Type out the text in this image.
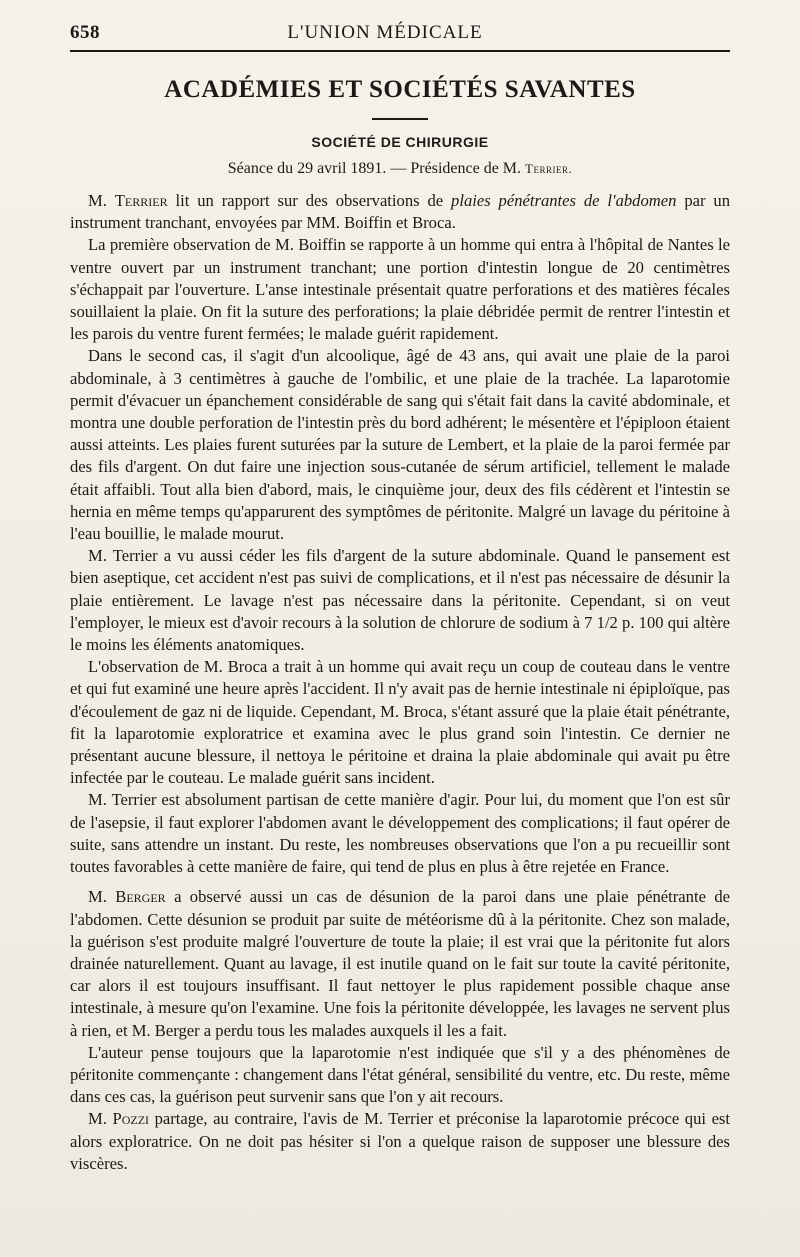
658	L'UNION MÉDICALE
ACADÉMIES ET SOCIÉTÉS SAVANTES
SOCIÉTÉ DE CHIRURGIE
Séance du 29 avril 1891. — Présidence de M. Terrier.

M. Terrier lit un rapport sur des observations de plaies pénétrantes de l'abdomen par un instrument tranchant, envoyées par MM. Boiffin et Broca.

La première observation de M. Boiffin se rapporte à un homme qui entra à l'hôpital de Nantes le ventre ouvert par un instrument tranchant; une portion d'intestin longue de 20 centimètres s'échappait par l'ouverture. L'anse intestinale présentait quatre perforations et des matières fécales souillaient la plaie. On fit la suture des perforations; la plaie débridée permit de rentrer l'intestin et les parois du ventre furent fermées; le malade guérit rapidement.

Dans le second cas, il s'agit d'un alcoolique, âgé de 43 ans, qui avait une plaie de la paroi abdominale, à 3 centimètres à gauche de l'ombilic, et une plaie de la trachée. La laparotomie permit d'évacuer un épanchement considérable de sang qui s'était fait dans la cavité abdominale, et montra une double perforation de l'intestin près du bord adhérent; le mésentère et l'épiploon étaient aussi atteints. Les plaies furent suturées par la suture de Lembert, et la plaie de la paroi fermée par des fils d'argent. On dut faire une injection sous-cutanée de sérum artificiel, tellement le malade était affaibli. Tout alla bien d'abord, mais, le cinquième jour, deux des fils cédèrent et l'intestin se hernia en même temps qu'apparurent des symptômes de péritonite. Malgré un lavage du péritoine à l'eau bouillie, le malade mourut.

M. Terrier a vu aussi céder les fils d'argent de la suture abdominale. Quand le pansement est bien aseptique, cet accident n'est pas suivi de complications, et il n'est pas nécessaire de désunir la plaie entièrement. Le lavage n'est pas nécessaire dans la péritonite. Cependant, si on veut l'employer, le mieux est d'avoir recours à la solution de chlorure de sodium à 7 1/2 p. 100 qui altère le moins les éléments anatomiques.

L'observation de M. Broca a trait à un homme qui avait reçu un coup de couteau dans le ventre et qui fut examiné une heure après l'accident. Il n'y avait pas de hernie intestinale ni épiploïque, pas d'écoulement de gaz ni de liquide. Cependant, M. Broca, s'étant assuré que la plaie était pénétrante, fit la laparotomie exploratrice et examina avec le plus grand soin l'intestin. Ce dernier ne présentant aucune blessure, il nettoya le péritoine et draina la plaie abdominale qui avait pu être infectée par le couteau. Le malade guérit sans incident.

M. Terrier est absolument partisan de cette manière d'agir. Pour lui, du moment que l'on est sûr de l'asepsie, il faut explorer l'abdomen avant le développement des complications; il faut opérer de suite, sans attendre un instant. Du reste, les nombreuses observations que l'on a pu recueillir sont toutes favorables à cette manière de faire, qui tend de plus en plus à être rejetée en France.

M. Berger a observé aussi un cas de désunion de la paroi dans une plaie pénétrante de l'abdomen. Cette désunion se produit par suite de météorisme dû à la péritonite. Chez son malade, la guérison s'est produite malgré l'ouverture de toute la plaie; il est vrai que la péritonite fut alors drainée naturellement. Quant au lavage, il est inutile quand on le fait sur toute la cavité péritonite, car alors il est toujours insuffisant. Il faut nettoyer le plus rapidement possible chaque anse intestinale, à mesure qu'on l'examine. Une fois la péritonite développée, les lavages ne servent plus à rien, et M. Berger a perdu tous les malades auxquels il les a fait.

L'auteur pense toujours que la laparotomie n'est indiquée que s'il y a des phénomènes de péritonite commençante : changement dans l'état général, sensibilité du ventre, etc. Du reste, même dans ces cas, la guérison peut survenir sans que l'on y ait recours.

M. Pozzi partage, au contraire, l'avis de M. Terrier et préconise la laparotomie précoce qui est alors exploratrice. On ne doit pas hésiter si l'on a quelque raison de supposer une blessure des viscères.
